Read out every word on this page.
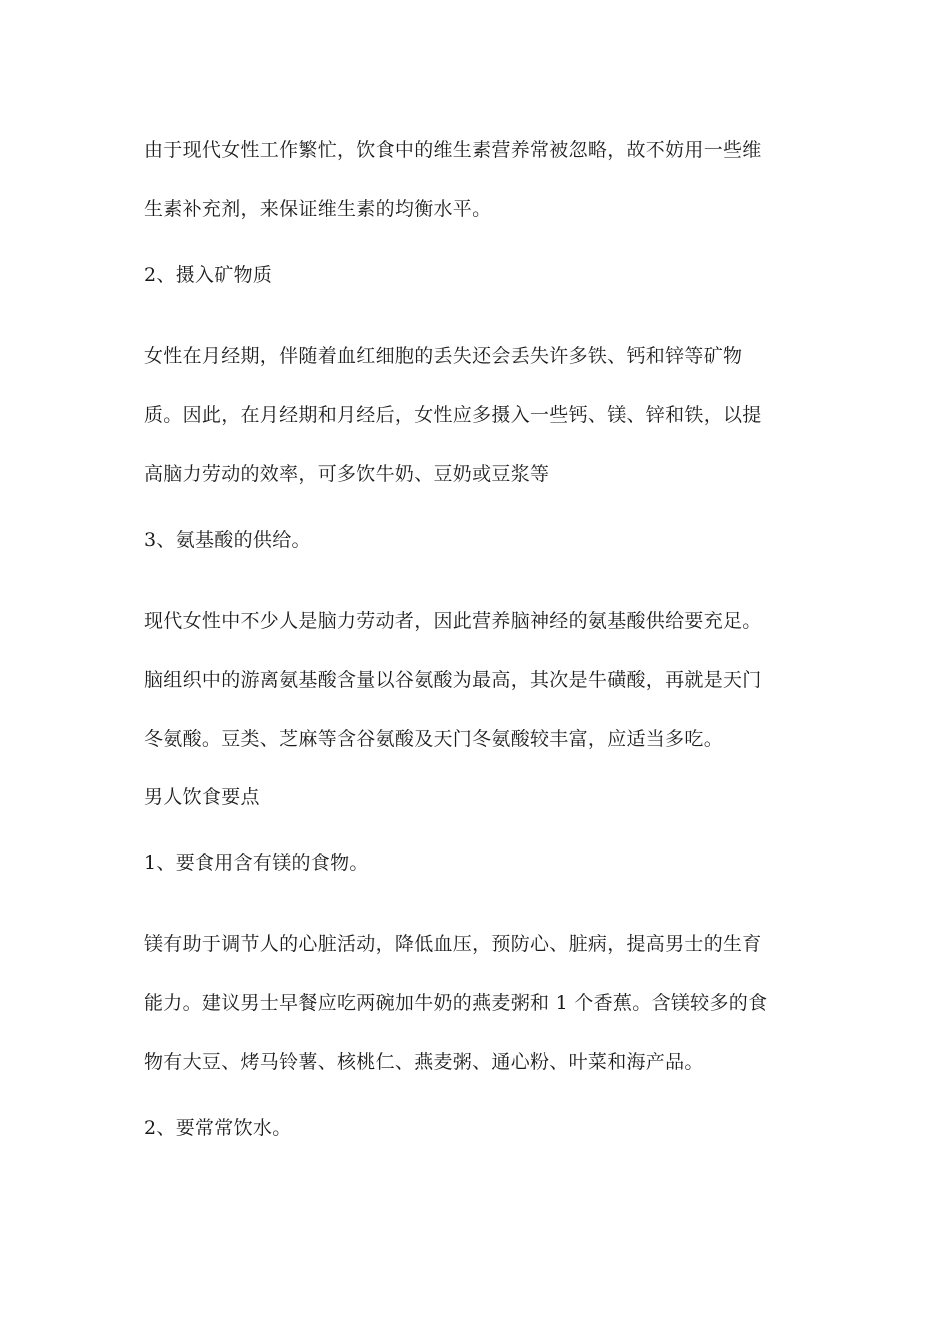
由于现代女性工作繁忙，饮食中的维生素营养常被忽略，故不妨用一些维
生素补充剂，来保证维生素的均衡水平。
2、摄入矿物质
女性在月经期，伴随着血红细胞的丢失还会丢失许多铁、钙和锌等矿物
质。因此，在月经期和月经后，女性应多摄入一些钙、镁、锌和铁，以提
高脑力劳动的效率，可多饮牛奶、豆奶或豆浆等
3、氨基酸的供给。
现代女性中不少人是脑力劳动者，因此营养脑神经的氨基酸供给要充足。
脑组织中的游离氨基酸含量以谷氨酸为最高，其次是牛磺酸，再就是天门
冬氨酸。豆类、芝麻等含谷氨酸及天门冬氨酸较丰富，应适当多吃。
男人饮食要点
1、要食用含有镁的食物。
镁有助于调节人的心脏活动，降低血压，预防心、脏病，提高男士的生育
能力。建议男士早餐应吃两碗加牛奶的燕麦粥和 1 个香蕉。含镁较多的食
物有大豆、烤马铃薯、核桃仁、燕麦粥、通心粉、叶菜和海产品。
2、要常常饮水。
